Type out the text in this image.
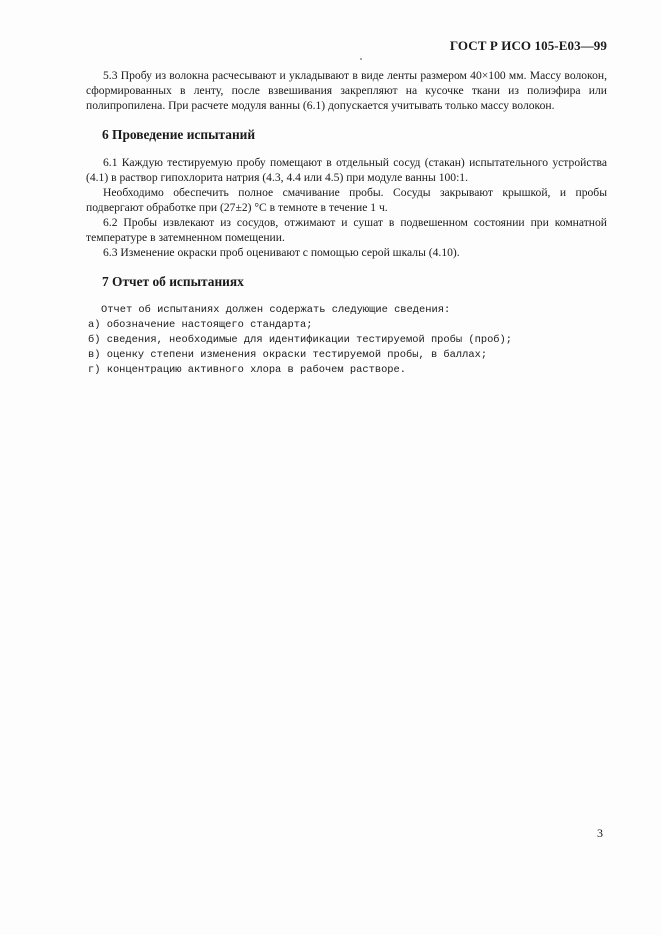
ГОСТ Р ИСО 105-Е03—99

5.3 Пробу из волокна расчесывают и укладывают в виде ленты размером 40×100 мм. Массу волокон, сформированных в ленту, после взвешивания закрепляют на кусочке ткани из полиэфира или полипропилена. При расчете модуля ванны (6.1) допускается учитывать только массу волокон.

6 Проведение испытаний

6.1 Каждую тестируемую пробу помещают в отдельный сосуд (стакан) испытательного устройства (4.1) в раствор гипохлорита натрия (4.3, 4.4 или 4.5) при модуле ванны 100:1.

Необходимо обеспечить полное смачивание пробы. Сосуды закрывают крышкой, и пробы подвергают обработке при (27±2) °С в темноте в течение 1 ч.

6.2 Пробы извлекают из сосудов, отжимают и сушат в подвешенном состоянии при комнатной температуре в затемненном помещении.

6.3 Изменение окраски проб оценивают с помощью серой шкалы (4.10).

7 Отчет об испытаниях

Отчет об испытаниях должен содержать следующие сведения:

а) обозначение настоящего стандарта;
б) сведения, необходимые для идентификации тестируемой пробы (проб);
в) оценку степени изменения окраски тестируемой пробы, в баллах;
г) концентрацию активного хлора в рабочем растворе.
3
